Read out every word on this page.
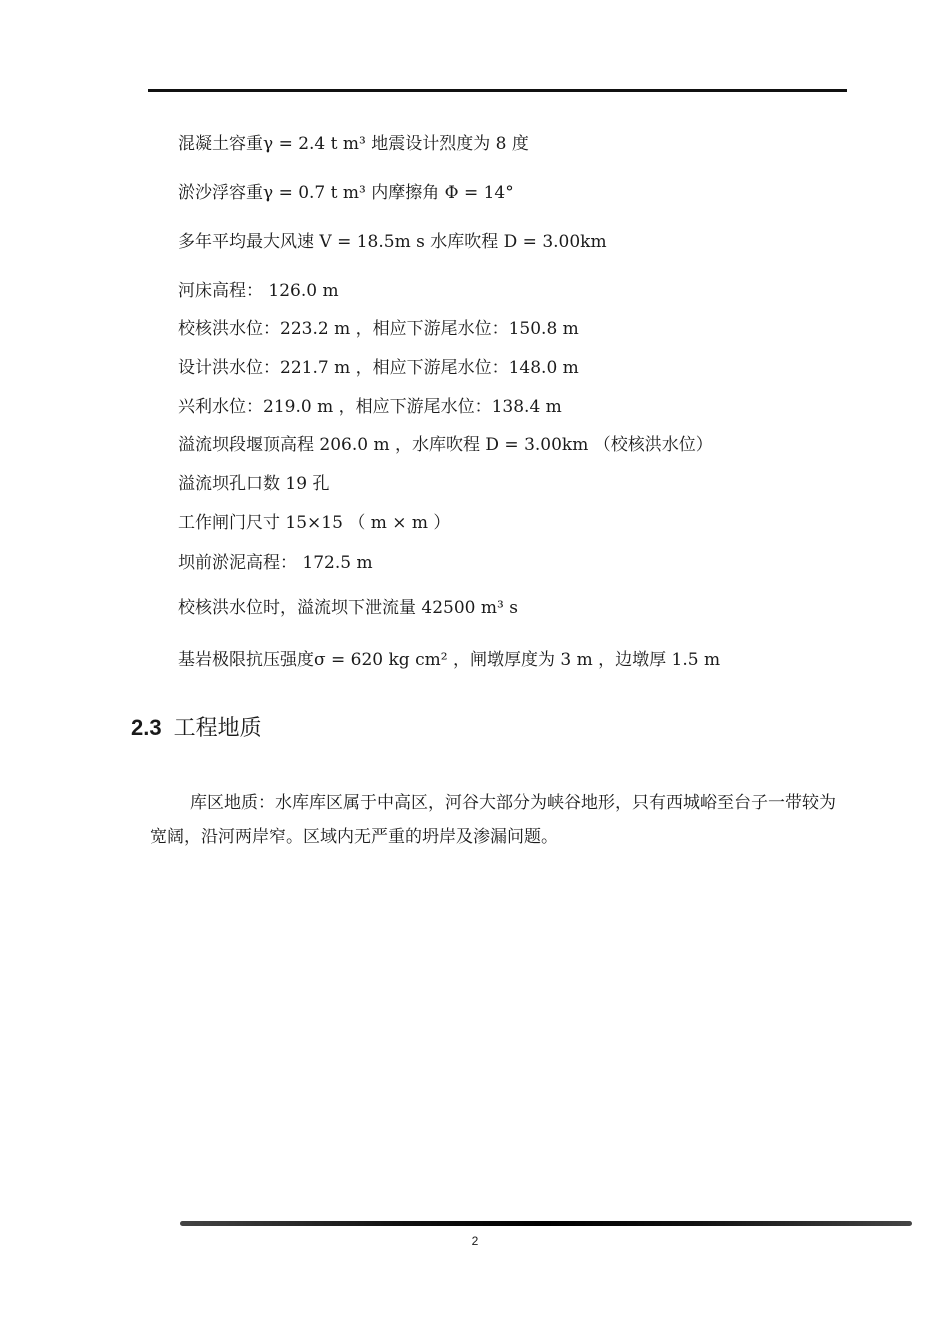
混凝土容重γ = 2.4 t m³ 地震设计烈度为 8 度
淤沙浮容重γ = 0.7 t m³ 内摩擦角 Φ = 14°
多年平均最大风速 V = 18.5m s 水库吹程 D = 3.00km
河床高程： 126.0 m
校核洪水位：223.2 m ，相应下游尾水位：150.8 m
设计洪水位：221.7 m ，相应下游尾水位：148.0 m
兴利水位：219.0 m ，相应下游尾水位：138.4 m
溢流坝段堰顶高程 206.0 m ，水库吹程 D = 3.00km （校核洪水位）
溢流坝孔口数 19 孔
工作闸门尺寸 15×15 （ m × m ）
坝前淤泥高程： 172.5 m
校核洪水位时，溢流坝下泄流量 42500 m³ s
基岩极限抗压强度σ = 620 kg cm² ，闸墩厚度为 3 m ，边墩厚 1.5 m
2.3 工程地质
库区地质：水库库区属于中高区，河谷大部分为峡谷地形，只有西城峪至台子一带较为宽阔，沿河两岸窄。区域内无严重的坍岸及渗漏问题。
2
